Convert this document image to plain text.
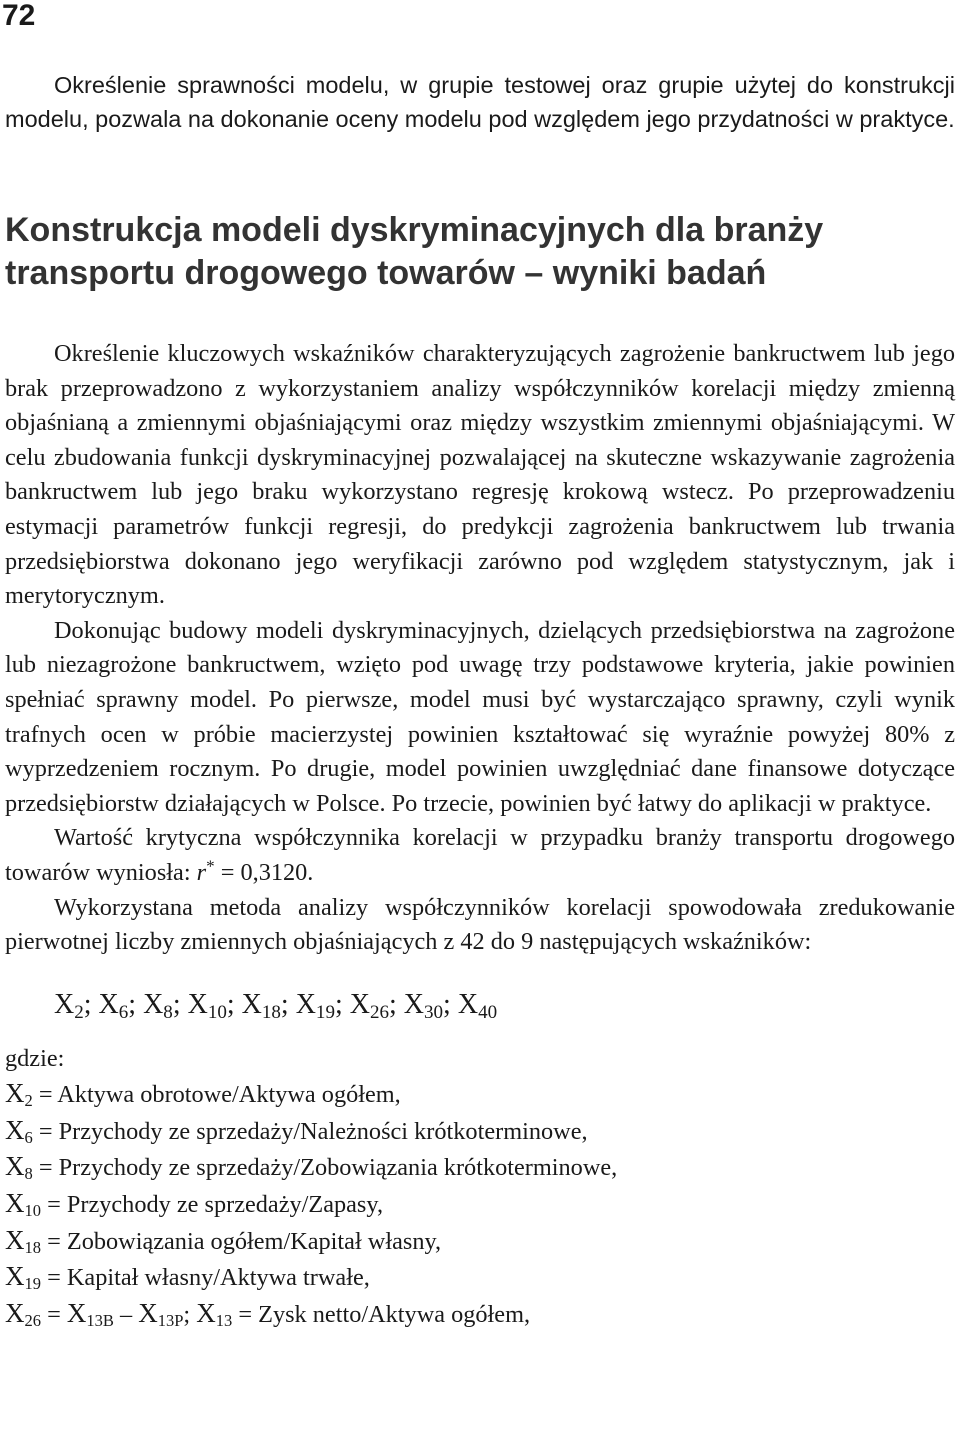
72

Określenie sprawności modelu, w grupie testowej oraz grupie użytej do konstrukcji modelu, pozwala na dokonanie oceny modelu pod względem jego przydatności w praktyce.

Konstrukcja modeli dyskryminacyjnych dla branży transportu drogowego towarów – wyniki badań

Określenie kluczowych wskaźników charakteryzujących zagrożenie bankructwem lub jego brak przeprowadzono z wykorzystaniem analizy współczynników korelacji między zmienną objaśnianą a zmiennymi objaśniającymi oraz między wszystkim zmiennymi objaśniającymi. W celu zbudowania funkcji dyskryminacyjnej pozwalającej na skuteczne wskazywanie zagrożenia bankructwem lub jego braku wykorzystano regresję krokową wstecz. Po przeprowadzeniu estymacji parametrów funkcji regresji, do predykcji zagrożenia bankructwem lub trwania przedsiębiorstwa dokonano jego weryfikacji zarówno pod względem statystycznym, jak i merytorycznym.

Dokonując budowy modeli dyskryminacyjnych, dzielących przedsiębiorstwa na zagrożone lub niezagrożone bankructwem, wzięto pod uwagę trzy podstawowe kryteria, jakie powinien spełniać sprawny model. Po pierwsze, model musi być wystarczająco sprawny, czyli wynik trafnych ocen w próbie macierzystej powinien kształtować się wyraźnie powyżej 80% z wyprzedzeniem rocznym. Po drugie, model powinien uwzględniać dane finansowe dotyczące przedsiębiorstw działających w Polsce. Po trzecie, powinien być łatwy do aplikacji w praktyce.

Wartość krytyczna współczynnika korelacji w przypadku branży transportu drogowego towarów wyniosła: r* = 0,3120.

Wykorzystana metoda analizy współczynników korelacji spowodowała zredukowanie pierwotnej liczby zmiennych objaśniających z 42 do 9 następujących wskaźników:

$X_2$; $X_6$; $X_8$; $X_{10}$; $X_{18}$; $X_{19}$; $X_{26}$; $X_{30}$; $X_{40}$
gdzie:
$X_2$ = Aktywa obrotowe/Aktywa ogółem,
$X_6$ = Przychody ze sprzedaży/Należności krótkoterminowe,
$X_8$ = Przychody ze sprzedaży/Zobowiązania krótkoterminowe,
$X_{10}$ = Przychody ze sprzedaży/Zapasy,
$X_{18}$ = Zobowiązania ogółem/Kapitał własny,
$X_{19}$ = Kapitał własny/Aktywa trwałe,
$X_{26} = X_{13B} - X_{13P}$; $X_{13}$ = Zysk netto/Aktywa ogółem,
